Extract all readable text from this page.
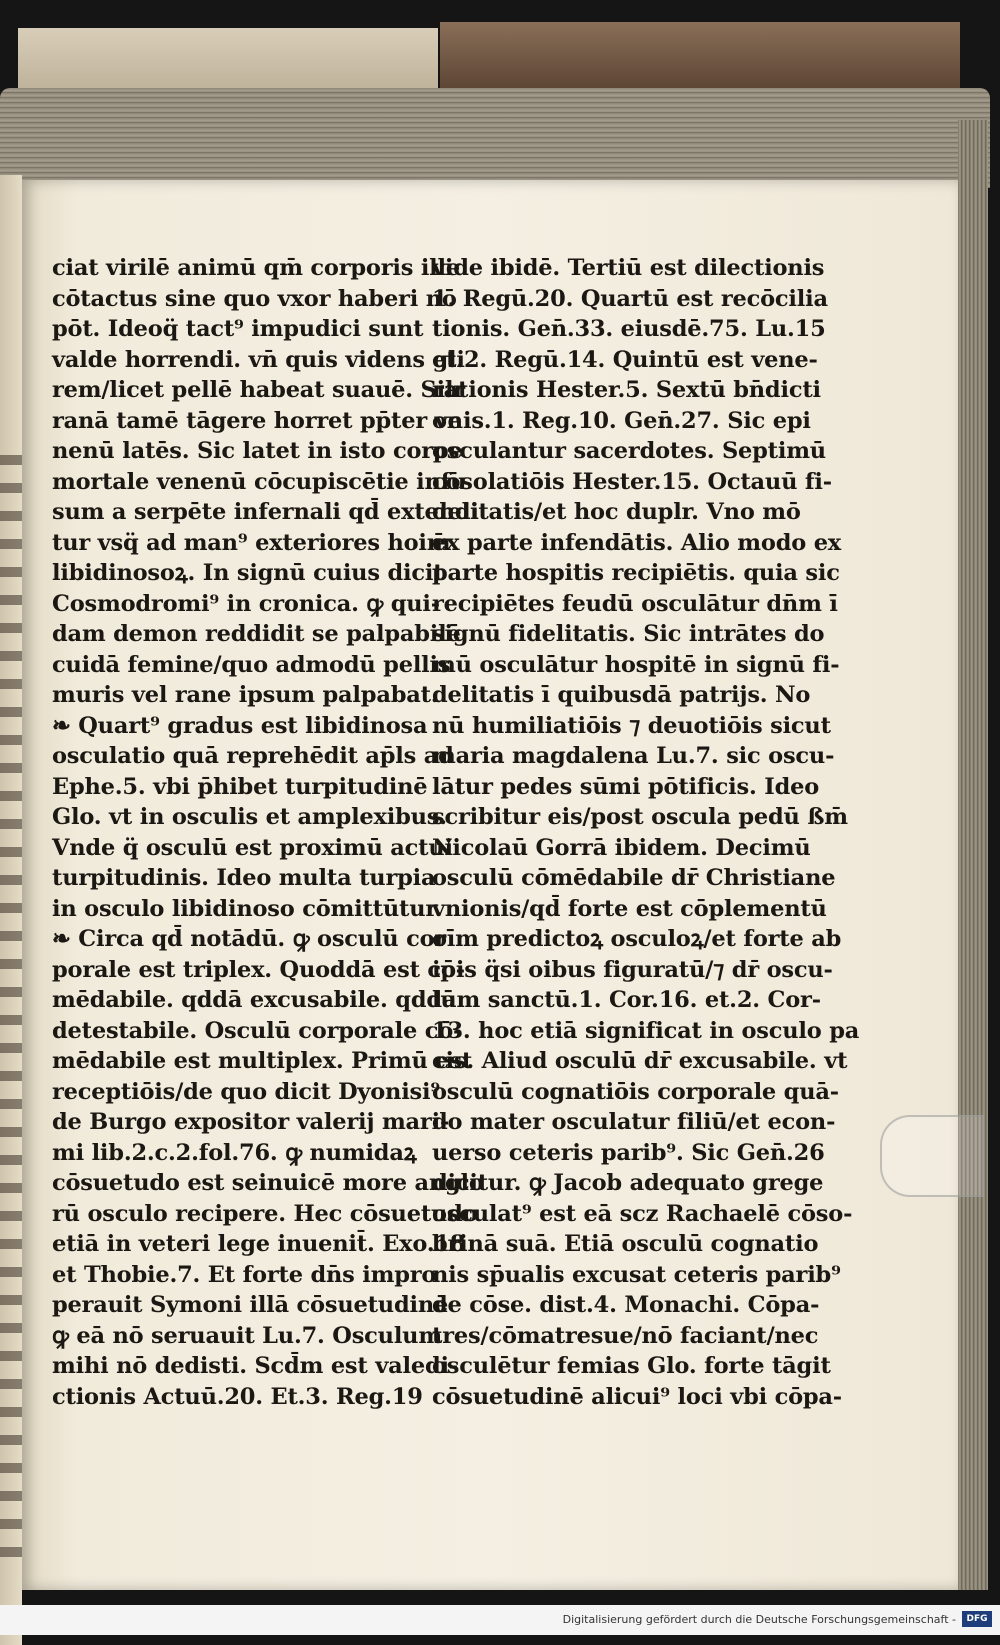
ciat virilē animū qm̄ corporis ille
cōtactus sine quo vxor haberi nō
pōt. Ideoq̈ tact⁹ impudici sunt
valde horrendi. vn̄ quis videns gli
rem/licet pellē habeat suauē. Silr
ranā tamē tāgere horret pp̄ter ve
nenū latēs. Sic latet in isto corpe
mortale venenū cōcupiscētie infu
sum a serpēte infernali qd̄ extendi
tur vsq̈ ad man⁹ exteriores hoim̄
libidinosoꝝ. In signū cuius dicit
Cosmodromi⁹ in cronica. ꝙ qui-
dam demon reddidit se palpabilē
cuidā femine/quo admodū pellis
muris vel rane ipsum palpabat.
❧ Quart⁹ gradus est libidinosa
osculatio quā reprehēdit ap̄ls ad
Ephe.5. vbi p̄hibet turpitudinē
Glo. vt in osculis et amplexibus.
Vnde q̈ osculū est proximū actui
turpitudinis. Ideo multa turpia
in osculo libidinoso cōmittūtur.
❧ Circa qd̄ notādū. ꝙ osculū cor
porale est triplex. Quoddā est cō-
mēdabile. qddā excusabile. qddā
detestabile. Osculū corporale cō-
mēdabile est multiplex. Primū est
receptiōis/de quo dicit Dyonisi⁹
de Burgo expositor valerij mari-
mi lib.2.c.2.fol.76. ꝙ numidaꝝ
cōsuetudo est seinuicē more anglo
rū osculo recipere. Hec cōsuetudo
etiā in veteri lege inuenit̄. Exo.18
et Thobie.7. Et forte dn̄s impro
perauit Symoni illā cōsuetudinē
ꝙ eā nō seruauit Lu.7. Osculum
mihi nō dedisti. Scd̄m est valedi-
ctionis Actuū.20. Et.3. Reg.19
vide ibidē. Tertiū est dilectionis
1. Regū.20. Quartū est recōcilia
tionis. Gen̄.33. eiusdē.75. Lu.15
et.2. Regū.14. Quintū est vene-
rationis Hester.5. Sextū bn̄dicti
onis.1. Reg.10. Gen̄.27. Sic epi
osculantur sacerdotes. Septimū
cōsolatiōis Hester.15. Octauū fi-
delitatis/et hoc duplr. Vno mō
ex parte infendātis. Alio modo ex
parte hospitis recipiētis. quia sic
recipiētes feudū osculātur dn̄m ī
signū fidelitatis. Sic intrātes do
mū osculātur hospitē in signū fi-
delitatis ī quibusdā patrijs. No
nū humiliatiōis ⁊ deuotiōis sicut
maria magdalena Lu.7. sic oscu-
lātur pedes sūmi pōtificis. Ideo
scribitur eis/post oscula pedū ßm̄
Nicolaū Gorrā ibidem. Decimū
osculū cōmēdabile dr̄ Christiane
vnionis/qd̄ forte est cōplementū
oīm predictoꝝ osculoꝝ/et forte ab
ipis q̈si oibus figuratū/⁊ dr̄ oscu-
lum sanctū.1. Cor.16. et.2. Cor-
13. hoc etiā significat in osculo pa
cis. Aliud osculū dr̄ excusabile. vt
osculū cognatiōis corporale quā-
do mater osculatur filiū/et econ-
uerso ceteris parib⁹. Sic Gen̄.26
dicitur. ꝙ Jacob adequato grege
osculat⁹ est eā scz Rachaelē cōso-
brinā suā. Etiā osculū cognatio
nis sp̄ualis excusat ceteris parib⁹
de cōse. dist.4. Monachi. Cōpa-
tres/cōmatresue/nō faciant/nec
osculētur femias Glo. forte tāgit
cōsuetudinē alicui⁹ loci vbi cōpa-
Digitalisierung gefördert durch die Deutsche Forschungsgemeinschaft -	DFG
